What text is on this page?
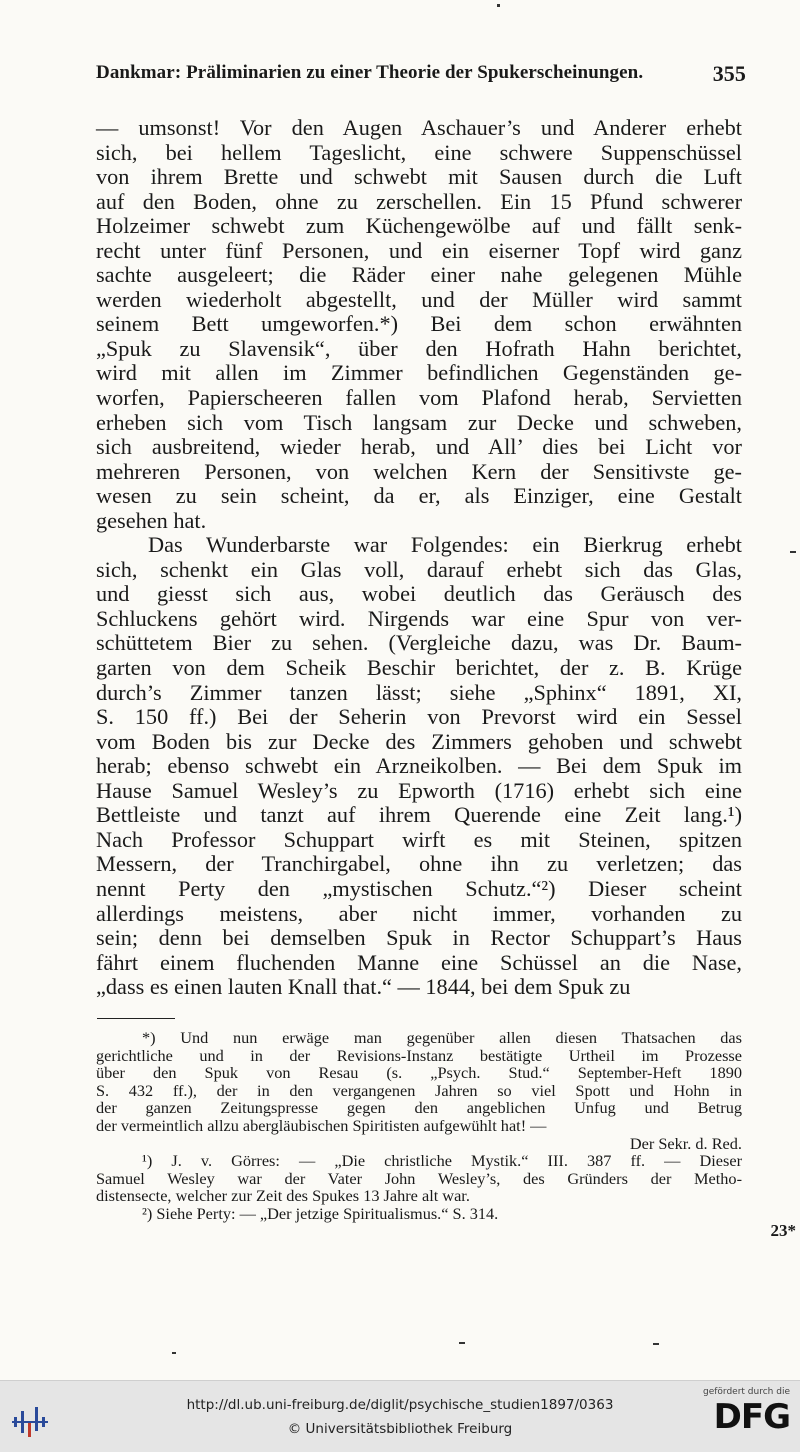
Dankmar: Präliminarien zu einer Theorie der Spukerscheinungen.	355
— umsonst! Vor den Augen Aschauer’s und Anderer erhebt
sich, bei hellem Tageslicht, eine schwere Suppenschüssel
von ihrem Brette und schwebt mit Sausen durch die Luft
auf den Boden, ohne zu zerschellen. Ein 15 Pfund schwerer
Holzeimer schwebt zum Küchengewölbe auf und fällt senk-
recht unter fünf Personen, und ein eiserner Topf wird ganz
sachte ausgeleert; die Räder einer nahe gelegenen Mühle
werden wiederholt abgestellt, und der Müller wird sammt
seinem Bett umgeworfen.*) Bei dem schon erwähnten
„Spuk zu Slavensik“, über den Hofrath Hahn berichtet,
wird mit allen im Zimmer befindlichen Gegenständen ge-
worfen, Papierscheeren fallen vom Plafond herab, Servietten
erheben sich vom Tisch langsam zur Decke und schweben,
sich ausbreitend, wieder herab, und All’ dies bei Licht vor
mehreren Personen, von welchen Kern der Sensitivste ge-
wesen zu sein scheint, da er, als Einziger, eine Gestalt
gesehen hat.
Das Wunderbarste war Folgendes: ein Bierkrug erhebt
sich, schenkt ein Glas voll, darauf erhebt sich das Glas,
und giesst sich aus, wobei deutlich das Geräusch des
Schluckens gehört wird. Nirgends war eine Spur von ver-
schüttetem Bier zu sehen. (Vergleiche dazu, was Dr. Baum-
garten von dem Scheik Beschir berichtet, der z. B. Krüge
durch’s Zimmer tanzen lässt; siehe „Sphinx“ 1891, XI,
S. 150 ff.) Bei der Seherin von Prevorst wird ein Sessel
vom Boden bis zur Decke des Zimmers gehoben und schwebt
herab; ebenso schwebt ein Arzneikolben. — Bei dem Spuk im
Hause Samuel Wesley’s zu Epworth (1716) erhebt sich eine
Bettleiste und tanzt auf ihrem Querende eine Zeit lang.¹)
Nach Professor Schuppart wirft es mit Steinen, spitzen
Messern, der Tranchirgabel, ohne ihn zu verletzen; das
nennt Perty den „mystischen Schutz.“²) Dieser scheint
allerdings meistens, aber nicht immer, vorhanden zu
sein; denn bei demselben Spuk in Rector Schuppart’s Haus
fährt einem fluchenden Manne eine Schüssel an die Nase,
„dass es einen lauten Knall that.“ — 1844, bei dem Spuk zu
*) Und nun erwäge man gegenüber allen diesen Thatsachen das
gerichtliche und in der Revisions-Instanz bestätigte Urtheil im Prozesse
über den Spuk von Resau (s. „Psych. Stud.“ September-Heft 1890
S. 432 ff.), der in den vergangenen Jahren so viel Spott und Hohn in
der ganzen Zeitungspresse gegen den angeblichen Unfug und Betrug
der vermeintlich allzu abergläubischen Spiritisten aufgewühlt hat! —
Der Sekr. d. Red.
¹) J. v. Görres: — „Die christliche Mystik.“ III. 387 ff. — Dieser
Samuel Wesley war der Vater John Wesley’s, des Gründers der Metho-
distensecte, welcher zur Zeit des Spukes 13 Jahre alt war.
²) Siehe Perty: — „Der jetzige Spiritualismus.“ S. 314.
23*
http://dl.ub.uni-freiburg.de/diglit/psychische_studien1897/0363
© Universitätsbibliothek Freiburg
gefördert durch die
DFG
